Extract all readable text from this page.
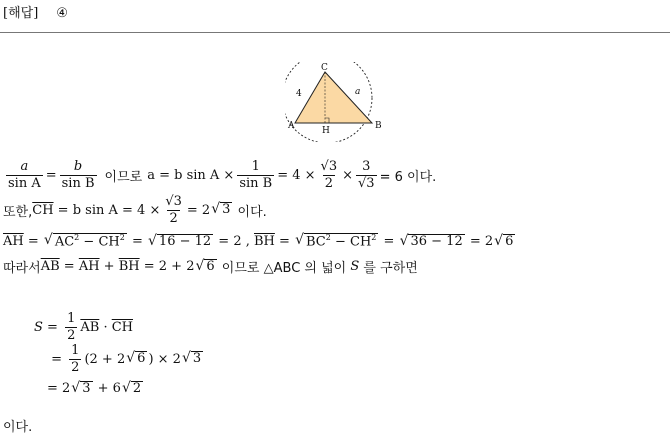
[해답] ④
A	B
C
H
4	a
$\frac{a}{\text{sin A}} = \frac{b}{\text{sin B}}$ 이므로 a = b $\sin A \times \frac{1}{\text{sin B}} = 4 \times \frac{√3}{2} \times \frac{3}{√3} = 6$ 이다.
또한, $\overline{CH} = b$ $\sin A = 4 \times \frac{√3}{2} = 2$ √ 3 이다.
$\overline{AH}$ = √ $AC^2 - \overline{CH}^2$ = √ 16 − 12 = 2 , $\overline{BH}$ = √ $BC^2 - \overline{CH}^2$ = √ 36 − 12 = 2 √ 6
따라서 $\overline{AB} = \overline{AH} + \overline{BH} = 2 + 2$ √ 6 이므로 △ABC 의 넓이 S 를 구하면
$S = \frac{1}{2} \overline{AB} \cdot \overline{CH}$
= $\frac{1}{2} (2 + 2$ √ 6 ) × 2 √ 3
= 2 √ 3 + 6 √ 2
이다.
